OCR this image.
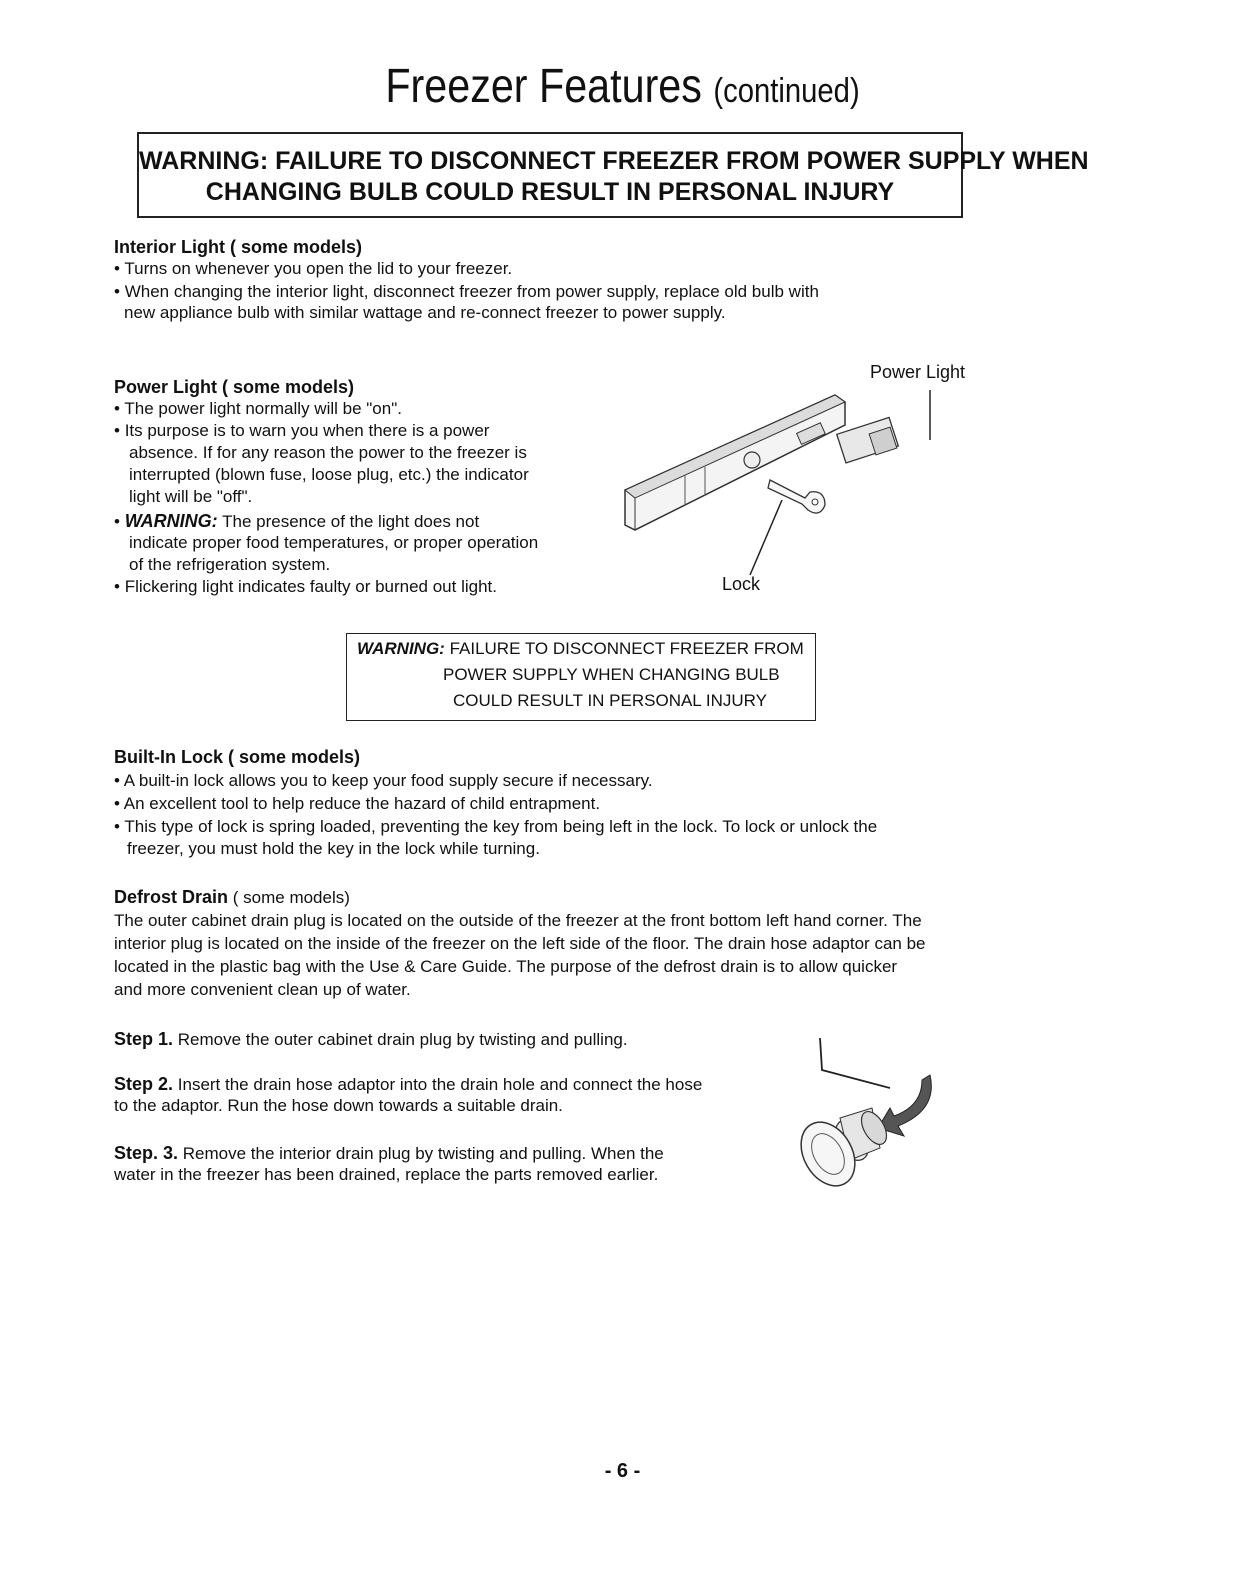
Freezer Features (continued)
WARNING: FAILURE TO DISCONNECT FREEZER FROM POWER SUPPLY WHEN
CHANGING BULB COULD RESULT IN PERSONAL INJURY
Interior Light ( some models)
• Turns on whenever you open the lid to your freezer.
• When changing the interior light, disconnect freezer from power supply, replace old bulb with
new appliance bulb with similar wattage and re-connect freezer to power supply.
Power Light ( some models)
• The power light normally will be "on".
• Its purpose is to warn you when there is a power
absence. If for any reason the power to the freezer is
interrupted (blown fuse, loose plug, etc.) the indicator
light will be "off".
• WARNING: The presence of the light does not
indicate proper food temperatures, or proper operation
of the refrigeration system.
• Flickering light indicates faulty or burned out light.
Power Light
Lock
WARNING: FAILURE TO DISCONNECT FREEZER FROM
POWER SUPPLY WHEN CHANGING BULB
COULD RESULT IN PERSONAL INJURY
Built-In Lock ( some models)
• A built-in lock allows you to keep your food supply secure if necessary.
• An excellent tool to help reduce the hazard of child entrapment.
• This type of lock is spring loaded, preventing the key from being left in the lock. To lock or unlock the
freezer, you must hold the key in the lock while turning.
Defrost Drain ( some models)
The outer cabinet drain plug is located on the outside of the freezer at the front bottom left hand corner. The
interior plug is located on the inside of the freezer on the left side of the floor. The drain hose adaptor can be
located in the plastic bag with the Use & Care Guide. The purpose of the defrost drain is to allow quicker
and more convenient clean up of water.
Step 1. Remove the outer cabinet drain plug by twisting and pulling.
Step 2. Insert the drain hose adaptor into the drain hole and connect the hose
to the adaptor. Run the hose down towards a suitable drain.
Step. 3. Remove the interior drain plug by twisting and pulling. When the
water in the freezer has been drained, replace the parts removed earlier.
- 6 -
